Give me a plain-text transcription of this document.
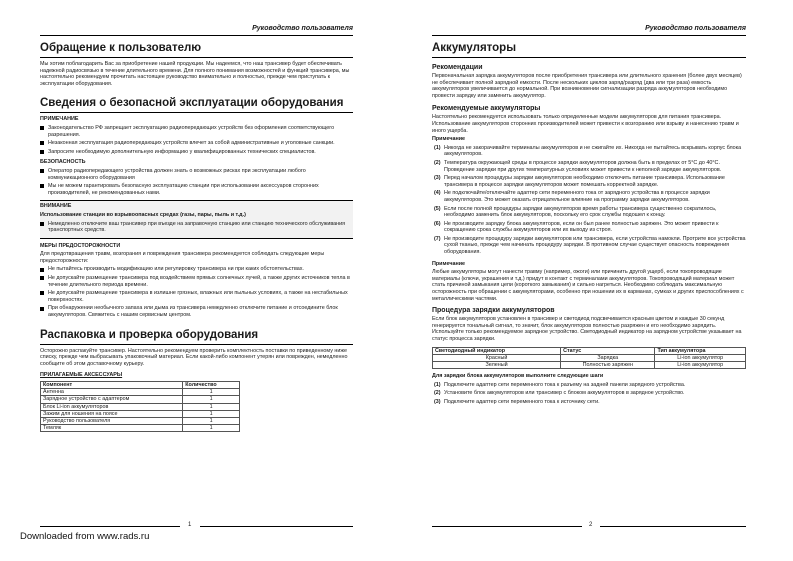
Руководство пользователя
Обращение к пользователю
Мы хотим поблагодарить Вас за приобретение нашей продукции. Мы надеемся, что наш трансивер будет обеспечивать надежной радиосвязью в течение длительного времени. Для полного понимания возможностей и функций трансивера, мы настоятельно рекомендуем прочитать настоящее руководство внимательно и полностью, прежде чем приступать к эксплуатации оборудования.
Сведения о безопасной эксплуатации оборудования
ПРИМЕЧАНИЕ
Законодательство РФ запрещает эксплуатацию радиопередающих устройств без оформления соответствующего разрешения.
Незаконная эксплуатация радиопередающих устройств влечет за собой административные и уголовные санкции.
Запросите необходимую дополнительную информацию у квалифицированных технических специалистов.
БЕЗОПАСНОСТЬ
Оператор радиопередающего устройства должен знать о возможных рисках при эксплуатации любого коммуникационного оборудования
Мы не можем гарантировать безопасную эксплуатацию станции при использовании аксессуаров сторонних производителей, не рекомендованных нами.
ВНИМАНИЕ
Использование станции во взрывоопасных средах (газы, пары, пыль и т.д.)
Немедленно отключите ваш трансивер при въезде на заправочную станцию или станцию технического обслуживания транспортных средств.
МЕРЫ ПРЕДОСТОРОЖНОСТИ
Для предотвращения травм, возгорания и повреждения трансивера рекомендуется соблюдать следующие меры предосторожности:
Не пытайтесь производить модификацию или регулировку трансивера ни при каких обстоятельствах.
Не допускайте размещение трансивера под воздействием прямых солнечных лучей, а также других источников тепла в течение длительного периода времени.
Не допускайте размещение трансивера в излишне грязных, влажных или пыльных условиях, а также на нестабильных поверхностях.
При обнаружении необычного запаха или дыма из трансивера немедленно отключите питание и отсоедините блок аккумуляторов. Свяжитесь с нашим сервисным центром.
Распаковка и проверка оборудования
Осторожно распакуйте трансивер. Настоятельно рекомендуем проверить комплектность поставки по приведенному ниже списку, прежде чем выбрасывать упаковочный материал. Если какой-либо компонент утерян или поврежден, немедленно сообщите об этом доставочному курьеру.
ПРИЛАГАЕМЫЕ АКСЕССУАРЫ
Компонент	Количество
Антенна	1
Зарядное устройство с адаптером	1
Блок Li-ion аккумуляторов	1
Зажим для ношения на поясе	1
Руководство пользователя	1
Темляк	1
Руководство пользователя
Аккумуляторы
Рекомендации
Первоначальная зарядка аккумуляторов после приобретения трансивера или длительного хранения (более двух месяцев) не обеспечивает полной зарядной емкости. После нескольких циклов заряд/разряд (два или три раза) емкость аккумуляторов увеличивается до нормальной. При возникновении сигнализации разряда аккумуляторов необходимо провести зарядку или заменить аккумулятор.
Рекомендуемые аккумуляторы
Настоятельно рекомендуется использовать только определенные модели аккумуляторов для питания трансивера. Использование аккумуляторов сторонних производителей может привести к возгоранию или взрыву и нанесению травм и иного ущерба.
Примечание
(1) Никогда не закорачивайте терминалы аккумуляторов и не сжигайте их. Никогда не пытайтесь вскрывать корпус блока аккумуляторов.
(2) Температура окружающей среды в процессе зарядки аккумуляторов должна быть в пределах от 5°C до 40°C. Проведение зарядки при других температурных условиях может привести к неполной зарядке аккумуляторов.
(3) Перед началом процедуры зарядки аккумуляторов необходимо отключить питание трансивера. Использование трансивера в процессе зарядки аккумуляторов может помешать корректной зарядке.
(4) Не подключайте/отключайте адаптер сети переменного тока от зарядного устройства в процессе зарядки аккумуляторов. Это может оказать отрицательное влияние на программу зарядки аккумуляторов.
(5) Если после полной процедуры зарядки аккумуляторов время работы трансивера существенно сократилось, необходимо заменить блок аккумуляторов, поскольку его срок службы подошел к концу.
(6) Не производите зарядку блока аккумуляторов, если он был ранее полностью заряжен. Это может привести к сокращению срока службы аккумуляторов или их выходу из строя.
(7) Не производите процедуру зарядки аккумуляторов или трансивера, если устройства намокли. Протрите все устройства сухой тканью, прежде чем начинать процедуру зарядки. В противном случае существует опасность повреждения оборудования.
Примечание
Любые аккумуляторы могут нанести травму (например, ожоги) или причинить другой ущерб, если токопроводящие материалы (ключи, украшения и т.д.) придут в контакт с терминалами аккумуляторов. Токопроводящий материал может стать причиной замыкания цепи (короткого замыкания) и сильно нагреться. Необходимо соблюдать максимальную осторожность при обращении с аккумуляторами, особенно при ношении их в карманах, сумках и других приспособлениях с металлическими частями.
Процедура зарядки аккумуляторов
Если блок аккумуляторов установлен в трансивер и светодиод подсвечивается красным цветом и каждые 30 секунд генерируется тональный сигнал, то значит, блок аккумуляторов полностью разряжен и его необходимо зарядить. Используйте только рекомендуемое зарядное устройство. Светодиодный индикатор на зарядном устройстве указывает на статус процесса зарядки.
Светодиодный индикатор	Статус	Тип аккумулятора
Красный	Зарядка	Li-ion аккумулятор
Зеленый	Полностью заряжен	Li-ion аккумулятор
Для зарядки блока аккумуляторов выполните следующие шаги
(1) Подключите адаптер сети переменного тока к разъему на задней панели зарядного устройства.
(2) Установите блок аккумуляторов или трансивер с блоком аккумуляторов в зарядное устройство.
(3) Подключите адаптер сети переменного тока к источнику сети.
1	2
Downloaded from www.rads.ru
